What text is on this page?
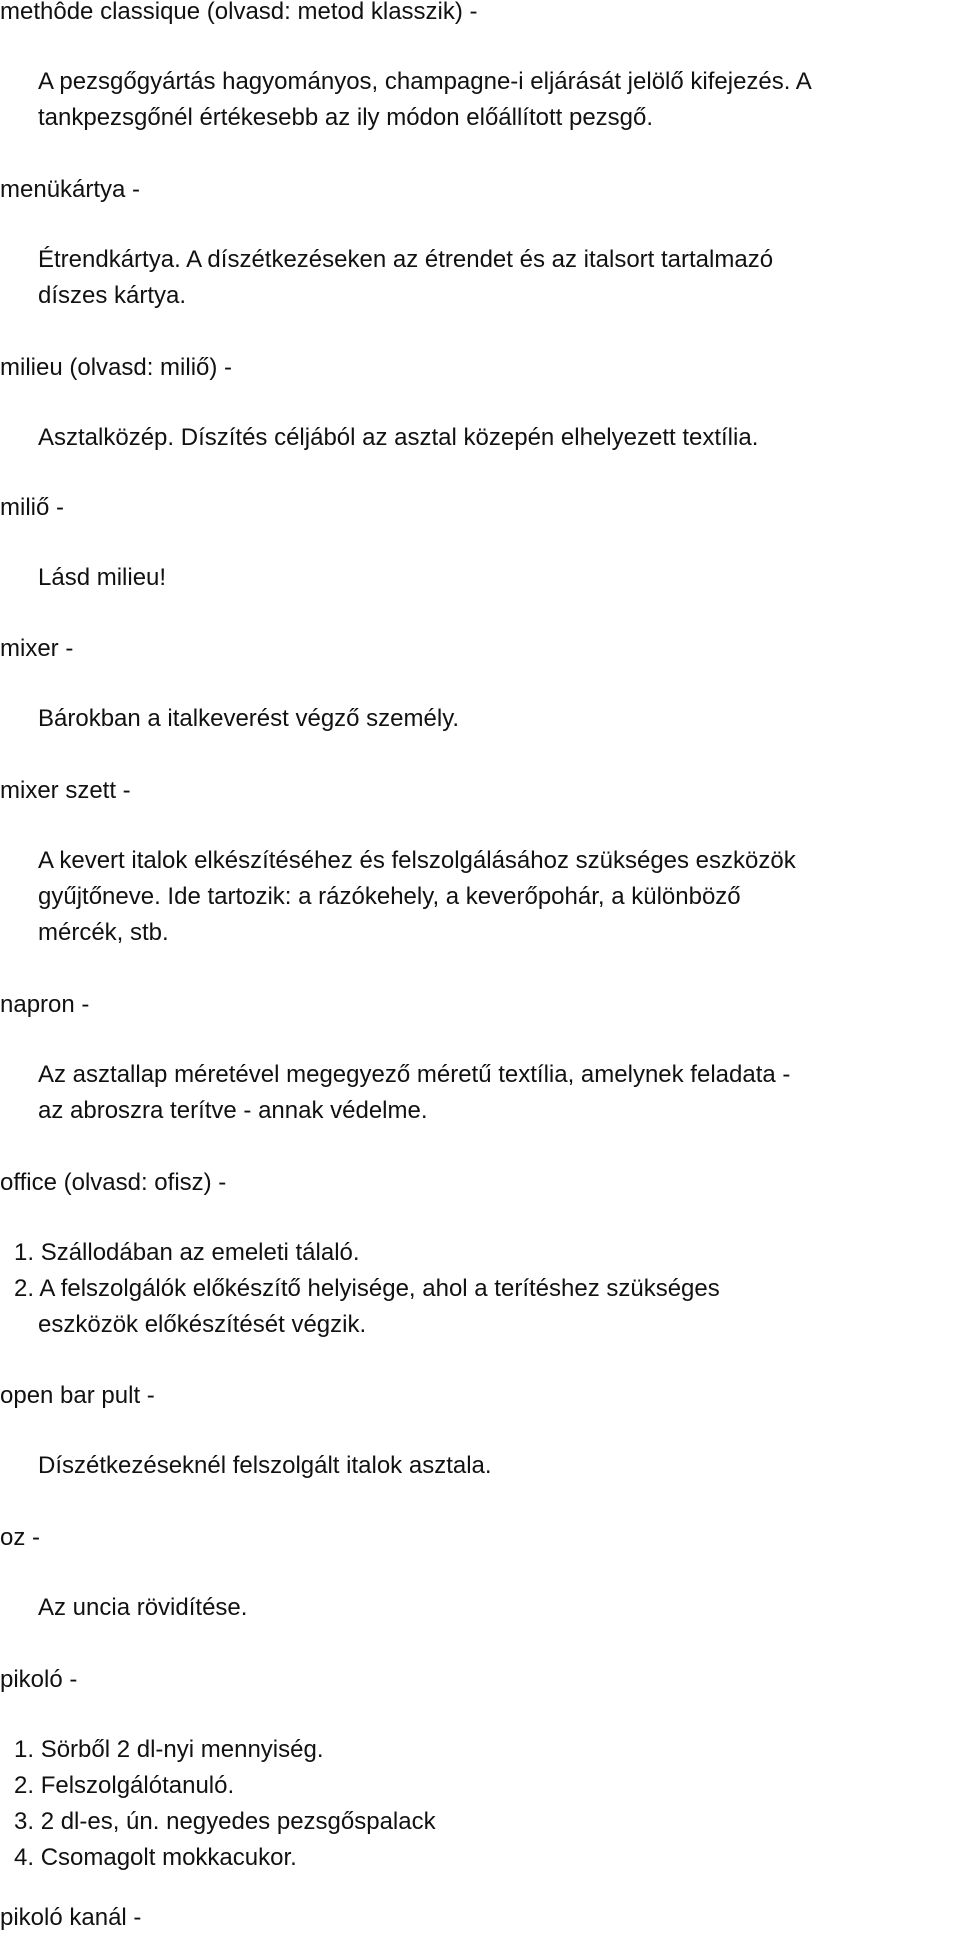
methôde classique (olvasd: metod klasszik) -

A pezsgőgyártás hagyományos, champagne-i eljárását jelölő kifejezés. A
tankpezsgőnél értékesebb az ily módon előállított pezsgő.

menükártya -

Étrendkártya. A díszétkezéseken az étrendet és az italsort tartalmazó
díszes kártya.

milieu (olvasd: miliő) -

Asztalközép. Díszítés céljából az asztal közepén elhelyezett textília.

miliő -

Lásd milieu!

mixer -

Bárokban a italkeverést végző személy.

mixer szett -

A kevert italok elkészítéséhez és felszolgálásához szükséges eszközök
gyűjtőneve. Ide tartozik: a rázókehely, a keverőpohár, a különböző
mércék, stb.

napron -

Az asztallap méretével megegyező méretű textília, amelynek feladata -
az abroszra terítve - annak védelme.

office (olvasd: ofisz) -

1. Szállodában az emeleti tálaló.
2. A felszolgálók előkészítő helyisége, ahol a terítéshez szükséges
eszközök előkészítését végzik.

open bar pult -

Díszétkezéseknél felszolgált italok asztala.

oz -

Az uncia rövidítése.

pikoló -

1. Sörből 2 dl-nyi mennyiség.
2. Felszolgálótanuló.
3. 2 dl-es, ún. negyedes pezsgőspalack
4. Csomagolt mokkacukor.

pikoló kanál -
